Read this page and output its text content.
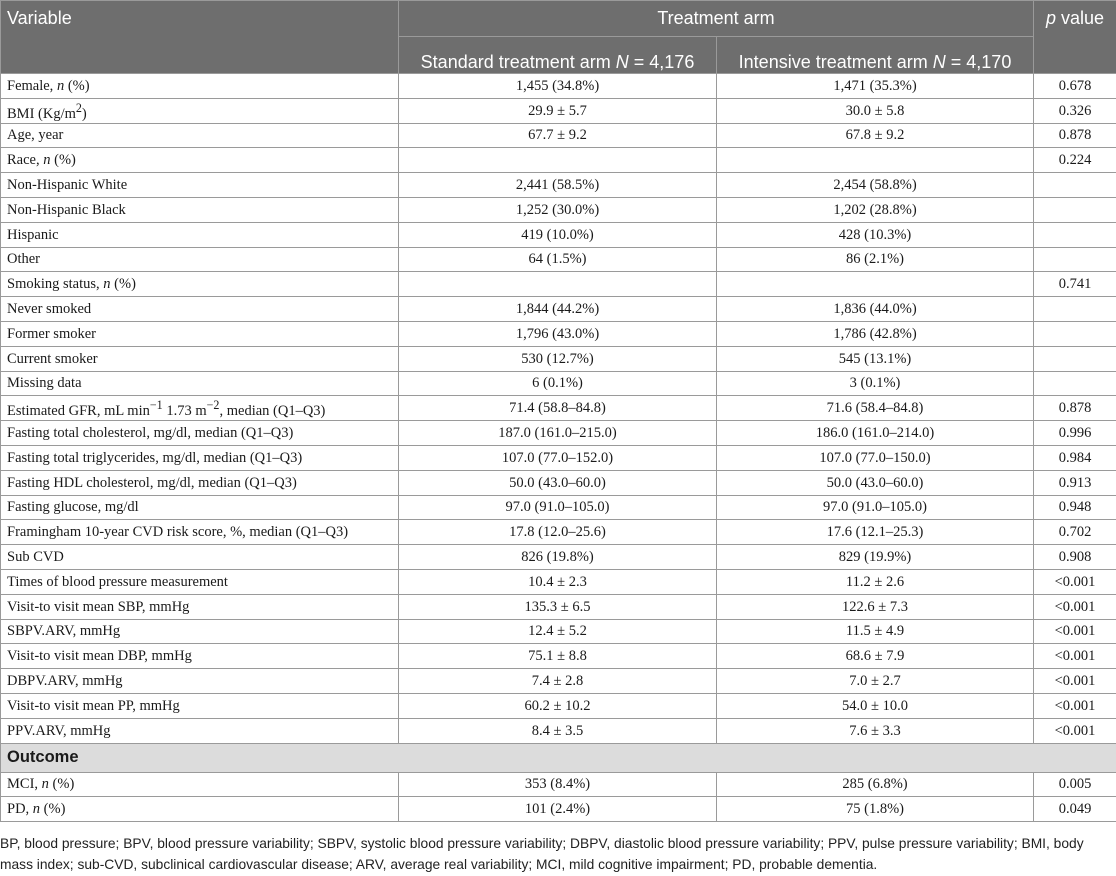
Variable	Treatment arm		p value
	Standard treatment arm N = 4,176	Intensive treatment arm N = 4,170	
Female, n (%)	1,455 (34.8%)	1,471 (35.3%)	0.678
BMI $(Kg/m^2)$	29.9 ± 5.7	30.0 ± 5.8	0.326
Age, year	67.7 ± 9.2	67.8 ± 9.2	0.878
Race, n (%)			0.224
Non-Hispanic White	2,441 (58.5%)	2,454 (58.8%)	
Non-Hispanic Black	1,252 (30.0%)	1,202 (28.8%)	
Hispanic	419 (10.0%)	428 (10.3%)	
Other	64 (1.5%)	86 (2.1%)	
Smoking status, n (%)			0.741
Never smoked	1,844 (44.2%)	1,836 (44.0%)	
Former smoker	1,796 (43.0%)	1,786 (42.8%)	
Current smoker	530 (12.7%)	545 (13.1%)	
Missing data	6 (0.1%)	3 (0.1%)	
Estimated GFR, mL $\min^{-1} 1.73$ $m^{-2}$, median (Q1–Q3)	71.4 (58.8–84.8)	71.6 (58.4–84.8)	0.878
Fasting total cholesterol, mg/dl, median (Q1–Q3)	187.0 (161.0–215.0)	186.0 (161.0–214.0)	0.996
Fasting total triglycerides, mg/dl, median (Q1–Q3)	107.0 (77.0–152.0)	107.0 (77.0–150.0)	0.984
Fasting HDL cholesterol, mg/dl, median (Q1–Q3)	50.0 (43.0–60.0)	50.0 (43.0–60.0)	0.913
Fasting glucose, mg/dl	97.0 (91.0–105.0)	97.0 (91.0–105.0)	0.948
Framingham 10-year CVD risk score, %, median (Q1–Q3)	17.8 (12.0–25.6)	17.6 (12.1–25.3)	0.702
Sub CVD	826 (19.8%)	829 (19.9%)	0.908
Times of blood pressure measurement	10.4 ± 2.3	11.2 ± 2.6	<0.001
Visit-to visit mean SBP, mmHg	135.3 ± 6.5	122.6 ± 7.3	<0.001
SBPV.ARV, mmHg	12.4 ± 5.2	11.5 ± 4.9	<0.001
Visit-to visit mean DBP, mmHg	75.1 ± 8.8	68.6 ± 7.9	<0.001
DBPV.ARV, mmHg	7.4 ± 2.8	7.0 ± 2.7	<0.001
Visit-to visit mean PP, mmHg	60.2 ± 10.2	54.0 ± 10.0	<0.001
PPV.ARV, mmHg	8.4 ± 3.5	7.6 ± 3.3	<0.001
Outcome			
MCI, n (%)	353 (8.4%)	285 (6.8%)	0.005
PD, n (%)	101 (2.4%)	75 (1.8%)	0.049
BP, blood pressure; BPV, blood pressure variability; SBPV, systolic blood pressure variability; DBPV, diastolic blood pressure variability; PPV, pulse pressure variability; BMI, body mass index; sub-CVD, subclinical cardiovascular disease; ARV, average real variability; MCI, mild cognitive impairment; PD, probable dementia.
